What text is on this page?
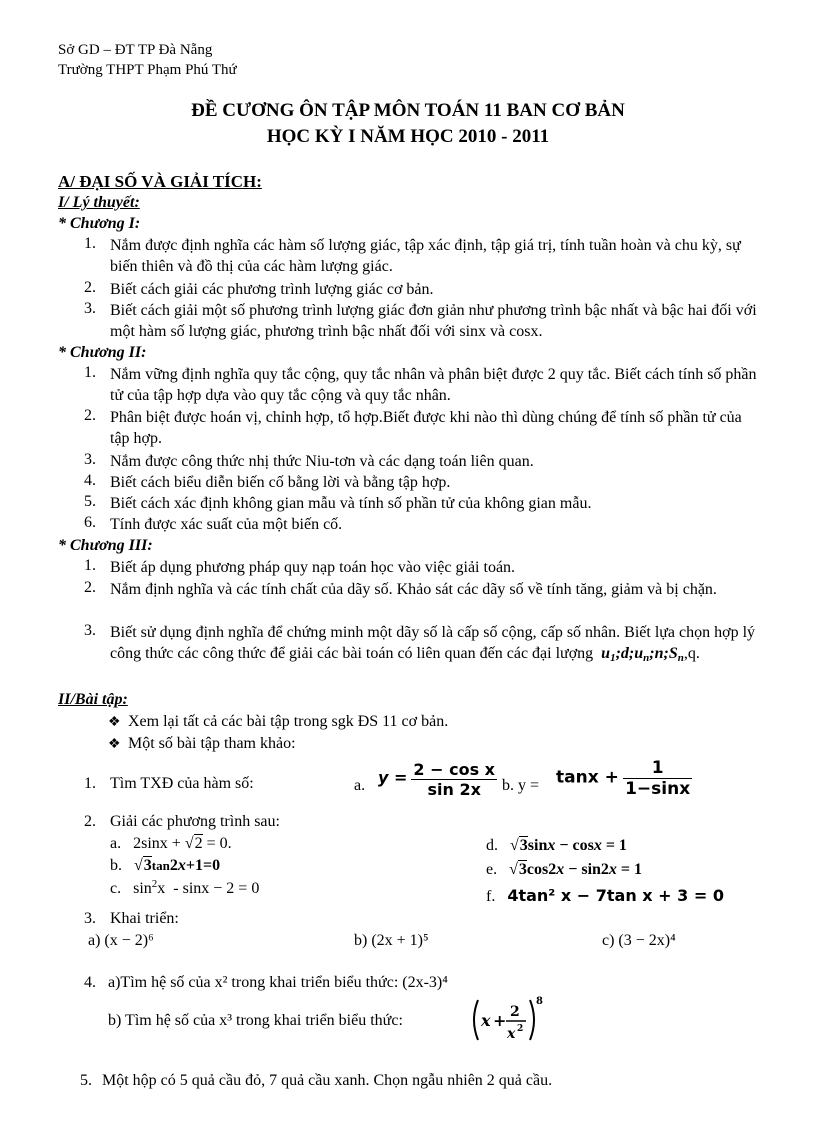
Sở GD – ĐT TP Đà Nẵng
Trường THPT Phạm Phú Thứ
ĐỀ CƯƠNG ÔN TẬP MÔN TOÁN 11 BAN CƠ BẢN
HỌC KỲ I NĂM HỌC 2010 - 2011
A/ ĐẠI SỐ VÀ GIẢI TÍCH:
I/ Lý thuyết:
* Chương I:
1. Nắm được định nghĩa các hàm số lượng giác, tập xác định, tập giá trị, tính tuần hoàn và chu kỳ, sự biến thiên và đồ thị của các hàm lượng giác.
2. Biết cách giải các phương trình lượng giác cơ bản.
3. Biết cách giải một số phương trình lượng giác đơn giản như phương trình bậc nhất và bậc hai đối với một hàm số lượng giác, phương trình bậc nhất đối với sinx và cosx.
* Chương II:
1. Nắm vững định nghĩa quy tắc cộng, quy tắc nhân và phân biệt được 2 quy tắc. Biết cách tính số phần tử của tập hợp dựa vào quy tắc cộng và quy tắc nhân.
2. Phân biệt được hoán vị, chỉnh hợp, tổ hợp.Biết được khi nào thì dùng chúng để tính số phần tử của tập hợp.
3. Nắm được công thức nhị thức Niu-tơn và các dạng toán liên quan.
4. Biết cách biểu diễn biến cố bằng lời và bằng tập hợp.
5. Biết cách xác định không gian mẫu và tính số phần tử của không gian mẫu.
6. Tính được xác suất của một biến cố.
* Chương III:
1. Biết áp dụng phương pháp quy nạp toán học vào việc giải toán.
2. Nắm định nghĩa và các tính chất của dãy số. Khảo sát các dãy số về tính tăng, giảm và bị chặn.
3. Biết sử dụng định nghĩa để chứng minh một dãy số là cấp số cộng, cấp số nhân. Biết lựa chọn hợp lý công thức các công thức để giải các bài toán có liên quan đến các đại lượng $u_1;d;u_n;n;S_n,q$.
II/Bài tập:
❖ Xem lại tất cả các bài tập trong sgk ĐS 11 cơ bản.
❖ Một số bài tập tham khảo:
1. Tìm TXĐ của hàm số:	a. $y = \frac{\text{2 − cos x}}{\sin 2x} b$. $y = \tan x + \frac{1}{1-\sin x}$
2. Giải các phương trình sau:
a. 2sinx + √2 = 0.
b. √3tan2x+1=0
c. $\sin^2x - \sin x - 2 = 0$
d. √3sinx − cosx = 1
e. √3cos2x − sin2x = 1
f. 4tan² x − 7tan x + 3 = 0
3. Khai triển:
a) (x − 2)⁶	b) (2x + 1)⁵	c) (3 − 2x)⁴
4. a)Tìm hệ số của x² trong khai triển biểu thức: (2x-3)⁴
b) Tìm hệ số của x³ trong khai triển biểu thức:	x + 2
x 2
8
5. Một hộp có 5 quả cầu đỏ, 7 quả cầu xanh. Chọn ngẫu nhiên 2 quả cầu.
